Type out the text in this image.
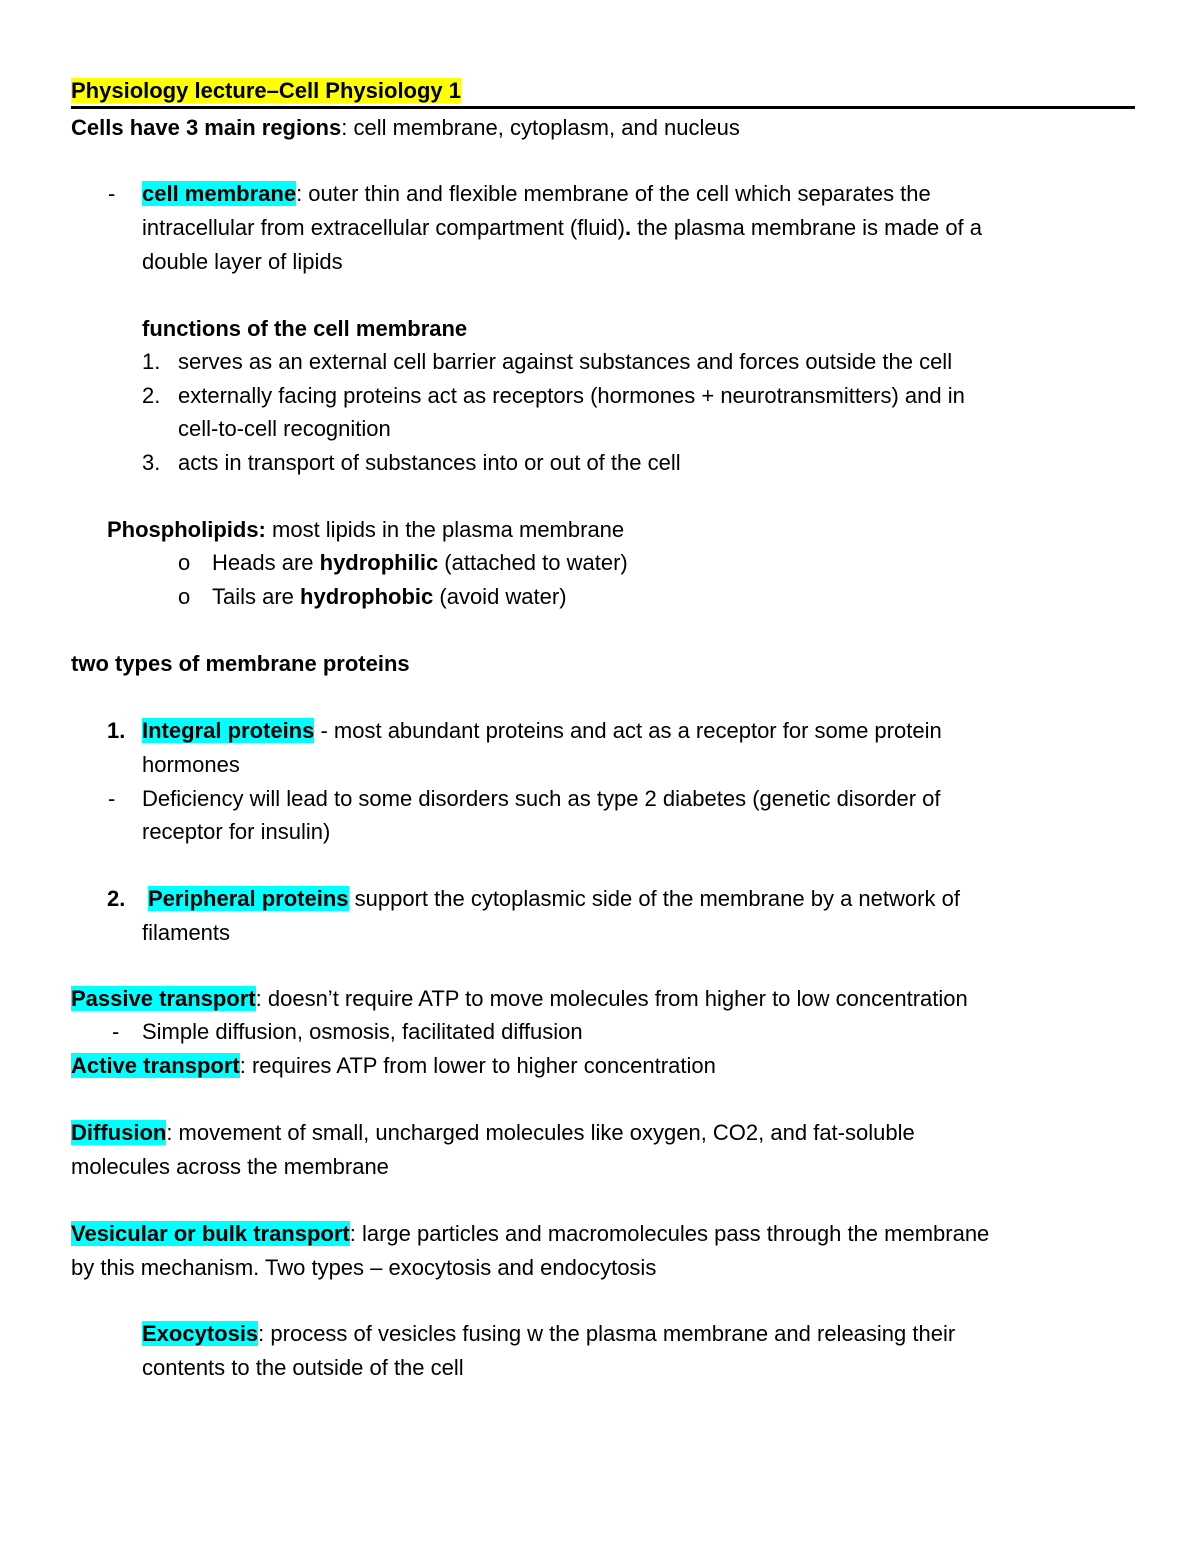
Physiology lecture–Cell Physiology 1
Cells have 3 main regions: cell membrane, cytoplasm, and nucleus
- cell membrane: outer thin and flexible membrane of the cell which separates the
intracellular from extracellular compartment (fluid). the plasma membrane is made of a
double layer of lipids
functions of the cell membrane
1. serves as an external cell barrier against substances and forces outside the cell
2. externally facing proteins act as receptors (hormones + neurotransmitters) and in
cell-to-cell recognition
3. acts in transport of substances into or out of the cell
Phospholipids: most lipids in the plasma membrane
o Heads are hydrophilic (attached to water)
o Tails are hydrophobic (avoid water)
two types of membrane proteins
1. Integral proteins - most abundant proteins and act as a receptor for some protein
hormones
- Deficiency will lead to some disorders such as type 2 diabetes (genetic disorder of
receptor for insulin)
2. Peripheral proteins support the cytoplasmic side of the membrane by a network of
filaments
Passive transport: doesn’t require ATP to move molecules from higher to low concentration
- Simple diffusion, osmosis, facilitated diffusion
Active transport: requires ATP from lower to higher concentration
Diffusion: movement of small, uncharged molecules like oxygen, CO2, and fat-soluble
molecules across the membrane
Vesicular or bulk transport: large particles and macromolecules pass through the membrane
by this mechanism. Two types – exocytosis and endocytosis
Exocytosis: process of vesicles fusing w the plasma membrane and releasing their
contents to the outside of the cell
